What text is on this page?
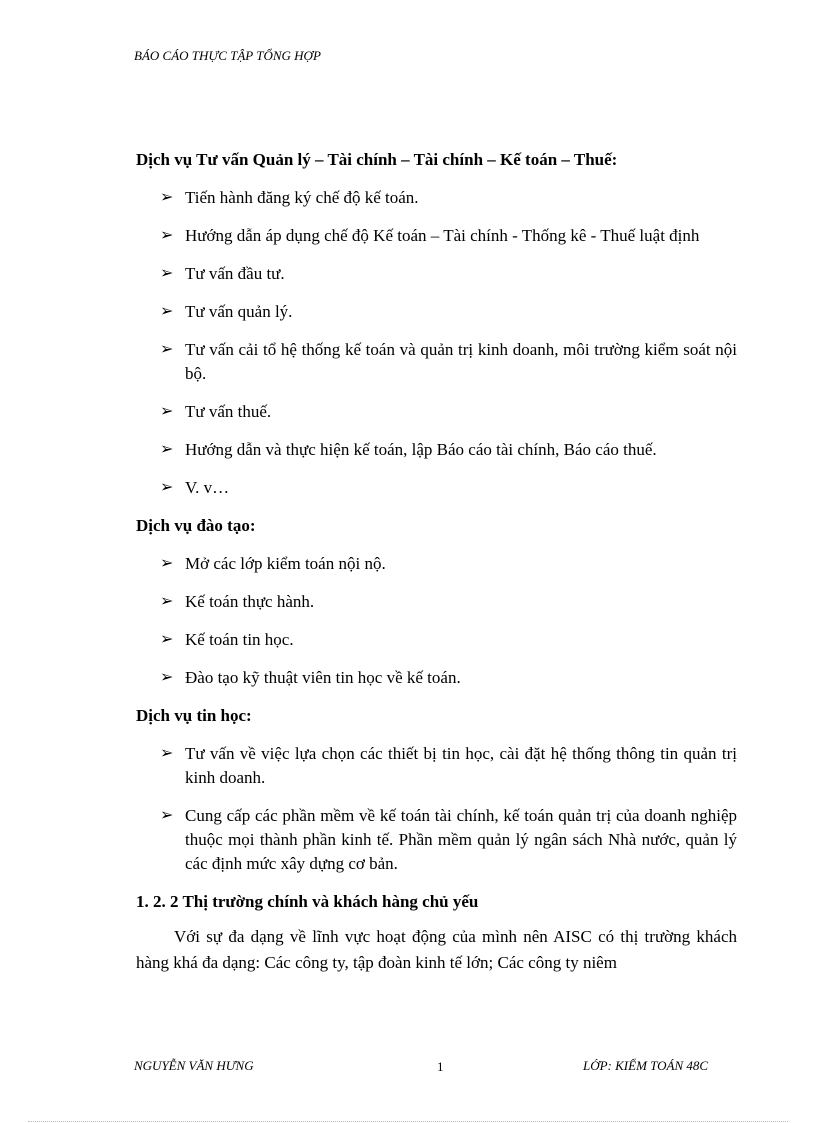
BÁO CÁO THỰC TẬP TỔNG HỢP

Dịch vụ Tư vấn Quản lý – Tài chính – Tài chính – Kế toán – Thuế:

➢ Tiến hành đăng ký chế độ kế toán.
➢ Hướng dẫn áp dụng chế độ Kế toán – Tài chính - Thống kê - Thuế luật định
➢ Tư vấn đầu tư.
➢ Tư vấn quản lý.
➢ Tư vấn cải tổ hệ thống kế toán và quản trị kinh doanh, môi trường kiểm soát nội bộ.
➢ Tư vấn thuế.
➢ Hướng dẫn và thực hiện kế toán, lập Báo cáo tài chính, Báo cáo thuế.
➢ V. v…

Dịch vụ đào tạo:

➢ Mở các lớp kiểm toán nội nộ.
➢ Kế toán thực hành.
➢ Kế toán tin học.
➢ Đào tạo kỹ thuật viên tin học về kế toán.

Dịch vụ tin học:

➢ Tư vấn về việc lựa chọn các thiết bị tin học, cài đặt hệ thống thông tin quản trị kinh doanh.
➢ Cung cấp các phần mềm về kế toán tài chính, kế toán quản trị của doanh nghiệp thuộc mọi thành phần kinh tế. Phần mềm quản lý ngân sách Nhà nước, quản lý các định mức xây dựng cơ bản.

1. 2. 2 Thị trường chính và khách hàng chủ yếu

Với sự đa dạng về lĩnh vực hoạt động của mình nên AISC có thị trường khách hàng khá đa dạng: Các công ty, tập đoàn kinh tế lớn; Các công ty niêm

NGUYỄN VĂN HƯNG	1	LỚP: KIỂM TOÁN 48C
